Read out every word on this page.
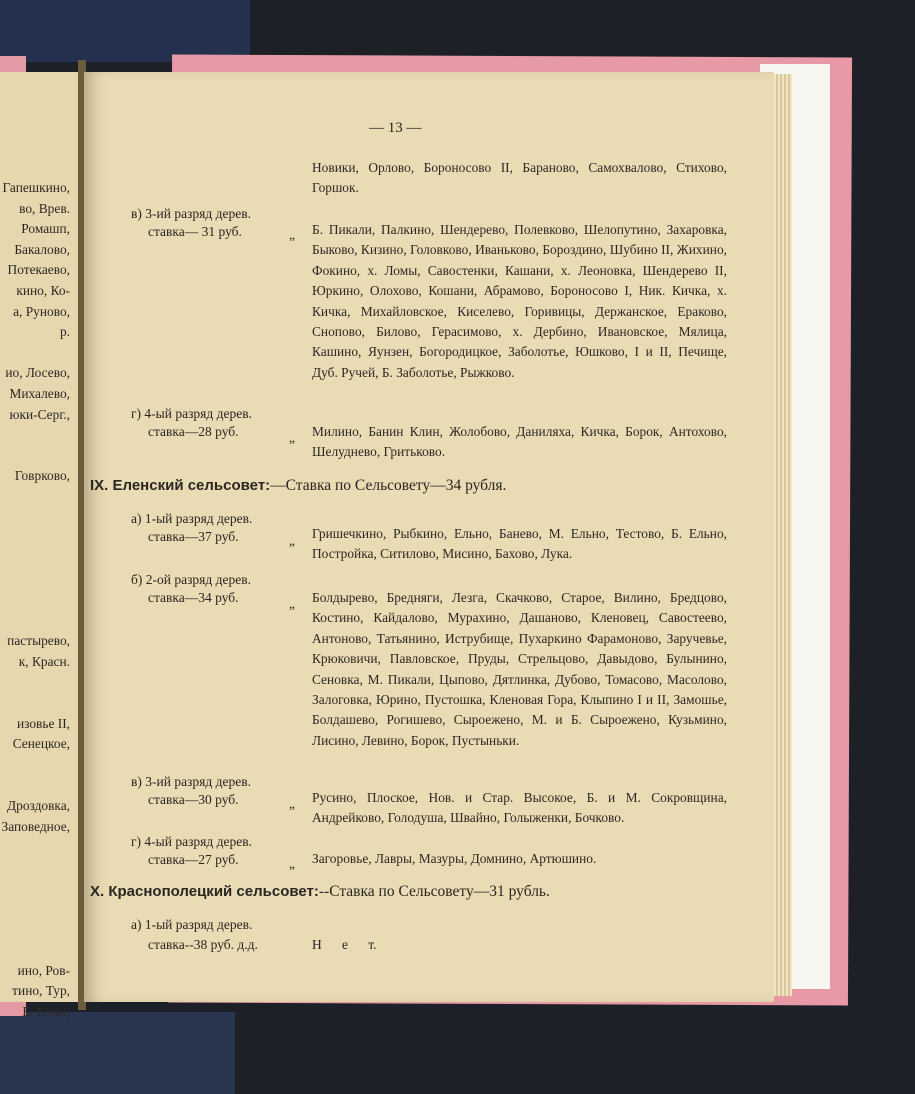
Гапешкино,
во, Врев.
Ромашп,
Бакалово,
Потекаево,
кино, Ко-
а, Руново,
р.
ио, Лосево,
Михалево,
юки-Серг.,
Говрково,
пастырево,
к, Красн.
изовье II,
Сенецкое,
Дроздовка,
Заповедное,
ино, Ров-
тино, Тур,
Б. Клин,
— 13 —
Новики, Орлово, Бороносово II, Бараново, Самохвалово, Стихово, Горшок.
в) 3-ий разряд дерев.
ставка— 31 руб.	„ Б. Пикали, Палкино, Шендерево, Полевково, Шелопутино, Захаровка, Быково, Кизино, Головково, Иваньково, Бороздино, Шубино II, Жихино, Фокино, х. Ломы, Савостенки, Кашани, х. Леоновка, Шендерево II, Юркино, Олохово, Кошани, Абрамово, Бороносово I, Ник. Кичка, х. Кичка, Михайловское, Киселево, Горивицы, Держанское, Ераково, Сноповo, Билово, Герасимово, х. Дербино, Ивановское, Мялица, Кашино, Яунзен, Богородицкое, Заболотье, Юшково, I и II, Печище, Дуб. Ручей, Б. Заболотье, Рыжково.
г) 4-ый разряд дерев.
ставка—28 руб.	„ Милино, Банин Клин, Жолобово, Даниляха, Кичка, Борок, Антохово, Шелуднево, Гритьково.
IX. Еленский сельсовет:—Ставка по Сельсовету—34 рубля.
а) 1-ый разряд дерев.
ставка—37 руб.	„ Гришечкино, Рыбкино, Ельно, Банево, М. Ельно, Тестово, Б. Ельно, Постройка, Ситилово, Мисино, Бахово, Лука.
б) 2-ой разряд дерев.
ставка—34 руб.	„ Болдырево, Бредняги, Лезга, Скачково, Старое, Вилино, Бредцово, Костино, Кайдалово, Мурахино, Дашаново, Кленовец, Савостеево, Антоново, Татьянино, Иструбище, Пухаркино Фарамоново, Заручевье, Крюковичи, Павловское, Пруды, Стрельцово, Давыдово, Булынино, Сеновка, М. Пикали, Цыпово, Дятлинка, Дубово, Томасово, Масолово, Залоговка, Юрино, Пустошка, Кленовая Гора, Клыпино I и II, Замошье, Болдашево, Рогишево, Сыроежено, М. и Б. Сыроежено, Кузьмино, Лисино, Левино, Борок, Пустыньки.
в) 3-ий разряд дерев.
ставка—30 руб.	„ Русино, Плоское, Нов. и Стар. Высокое, Б. и М. Сокровщина, Андрейково, Голодуша, Швайно, Голыженки, Бочково.
г) 4-ый разряд дерев.
ставка—27 руб.	„ Загоровье, Лавры, Мазуры, Домнино, Артюшино.
X. Краснополецкий сельсовет:--Ставка по Сельсовету—31 рубль.
а) 1-ый разряд дерев.
ставка--38 руб. д.д.	Н      е      т.
